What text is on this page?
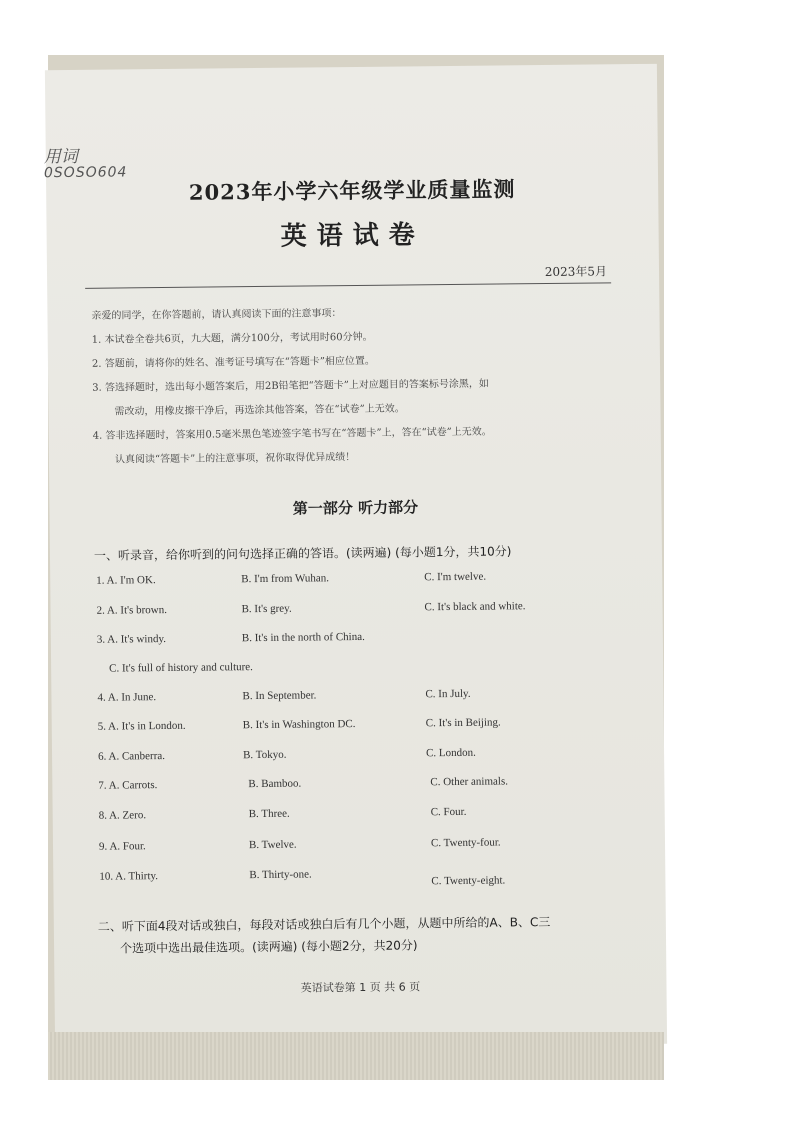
用词
0SOSO604
2023年小学六年级学业质量监测
英语试卷
2023年5月

亲爱的同学，在你答题前，请认真阅读下面的注意事项：

1. 本试卷全卷共6页，九大题，满分100分，考试用时60分钟。

2. 答题前，请将你的姓名、准考证号填写在“答题卡”相应位置。

3. 答选择题时，选出每小题答案后，用2B铅笔把“答题卡”上对应题目的答案标号涂黑，如

需改动，用橡皮擦干净后，再选涂其他答案，答在“试卷”上无效。

4. 答非选择题时，答案用0.5毫米黑色笔迹签字笔书写在“答题卡”上，答在“试卷”上无效。

认真阅读“答题卡”上的注意事项，祝你取得优异成绩！

第一部分 听力部分
一、听录音，给你听到的问句选择正确的答语。(读两遍) (每小题1分，共10分)
1. A. I'm OK.	B. I'm from Wuhan.	C. I'm twelve.
2. A. It's brown.	B. It's grey.	C. It's black and white.
3. A. It's windy.	B. It's in the north of China.
C. It's full of history and culture.
4. A. In June.	B. In September.	C. In July.
5. A. It's in London.	B. It's in Washington DC.	C. It's in Beijing.
6. A. Canberra.	B. Tokyo.	C. London.
7. A. Carrots.	B. Bamboo.	C. Other animals.
8. A. Zero.	B. Three.	C. Four.
9. A. Four.	B. Twelve.	C. Twenty-four.
10. A. Thirty.	B. Thirty-one.	C. Twenty-eight.
二、听下面4段对话或独白，每段对话或独白后有几个小题，从题中所给的A、B、C三
个选项中选出最佳选项。(读两遍) (每小题2分，共20分)
英语试卷第 1 页 共 6 页
